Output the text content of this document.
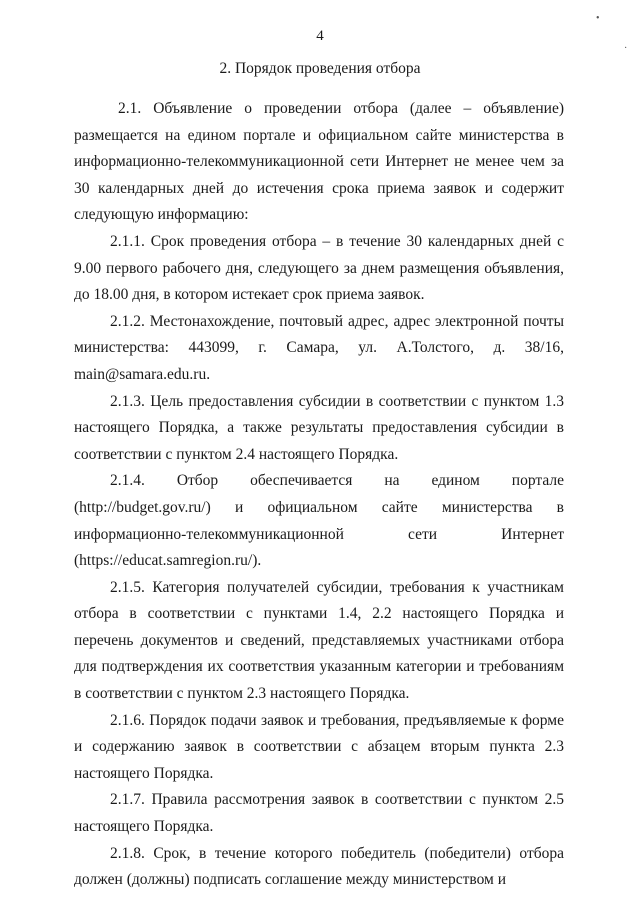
•
·
4
2. Порядок проведения отбора

2.1. Объявление о проведении отбора (далее – объявление) размещается на едином портале и официальном сайте министерства в информационно-телекоммуникационной сети Интернет не менее чем за 30 календарных дней до истечения срока приема заявок и содержит следующую информацию:

2.1.1. Срок проведения отбора – в течение 30 календарных дней с 9.00 первого рабочего дня, следующего за днем размещения объявления, до 18.00 дня, в котором истекает срок приема заявок.

2.1.2. Местонахождение, почтовый адрес, адрес электронной почты министерства: 443099, г. Самара, ул. А.Толстого, д. 38/16, main@samara.edu.ru.

2.1.3. Цель предоставления субсидии в соответствии с пунктом 1.3 настоящего Порядка, а также результаты предоставления субсидии в соответствии с пунктом 2.4 настоящего Порядка.

2.1.4. Отбор обеспечивается на едином портале (http://budget.gov.ru/) и официальном сайте министерства в информационно-телекоммуникационной сети Интернет (https://educat.samregion.ru/).

2.1.5. Категория получателей субсидии, требования к участникам отбора в соответствии с пунктами 1.4, 2.2 настоящего Порядка и перечень документов и сведений, представляемых участниками отбора для подтверждения их соответствия указанным категории и требованиям в соответствии с пунктом 2.3 настоящего Порядка.

2.1.6. Порядок подачи заявок и требования, предъявляемые к форме и содержанию заявок в соответствии с абзацем вторым пункта 2.3 настоящего Порядка.

2.1.7. Правила рассмотрения заявок в соответствии с пунктом 2.5 настоящего Порядка.

2.1.8. Срок, в течение которого победитель (победители) отбора должен (должны) подписать соглашение между министерством и
